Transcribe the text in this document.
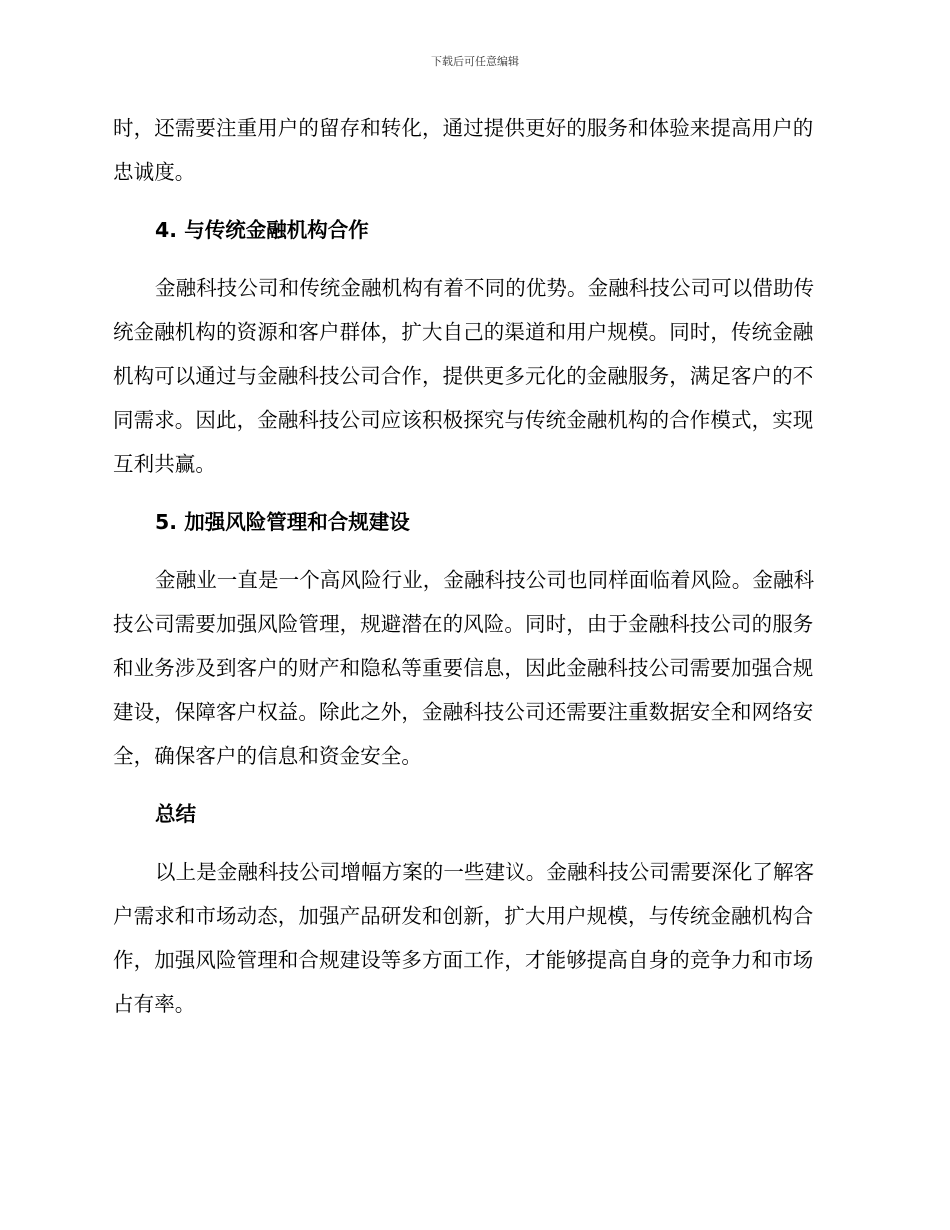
下载后可任意编辑

时，还需要注重用户的留存和转化，通过提供更好的服务和体验来提高用户的忠诚度。

4. 与传统金融机构合作

金融科技公司和传统金融机构有着不同的优势。金融科技公司可以借助传统金融机构的资源和客户群体，扩大自己的渠道和用户规模。同时，传统金融机构可以通过与金融科技公司合作，提供更多元化的金融服务，满足客户的不同需求。因此，金融科技公司应该积极探究与传统金融机构的合作模式，实现互利共赢。

5. 加强风险管理和合规建设

金融业一直是一个高风险行业，金融科技公司也同样面临着风险。金融科技公司需要加强风险管理，规避潜在的风险。同时，由于金融科技公司的服务和业务涉及到客户的财产和隐私等重要信息，因此金融科技公司需要加强合规建设，保障客户权益。除此之外，金融科技公司还需要注重数据安全和网络安全，确保客户的信息和资金安全。

总结

以上是金融科技公司增幅方案的一些建议。金融科技公司需要深化了解客户需求和市场动态，加强产品研发和创新，扩大用户规模，与传统金融机构合作，加强风险管理和合规建设等多方面工作，才能够提高自身的竞争力和市场占有率。
